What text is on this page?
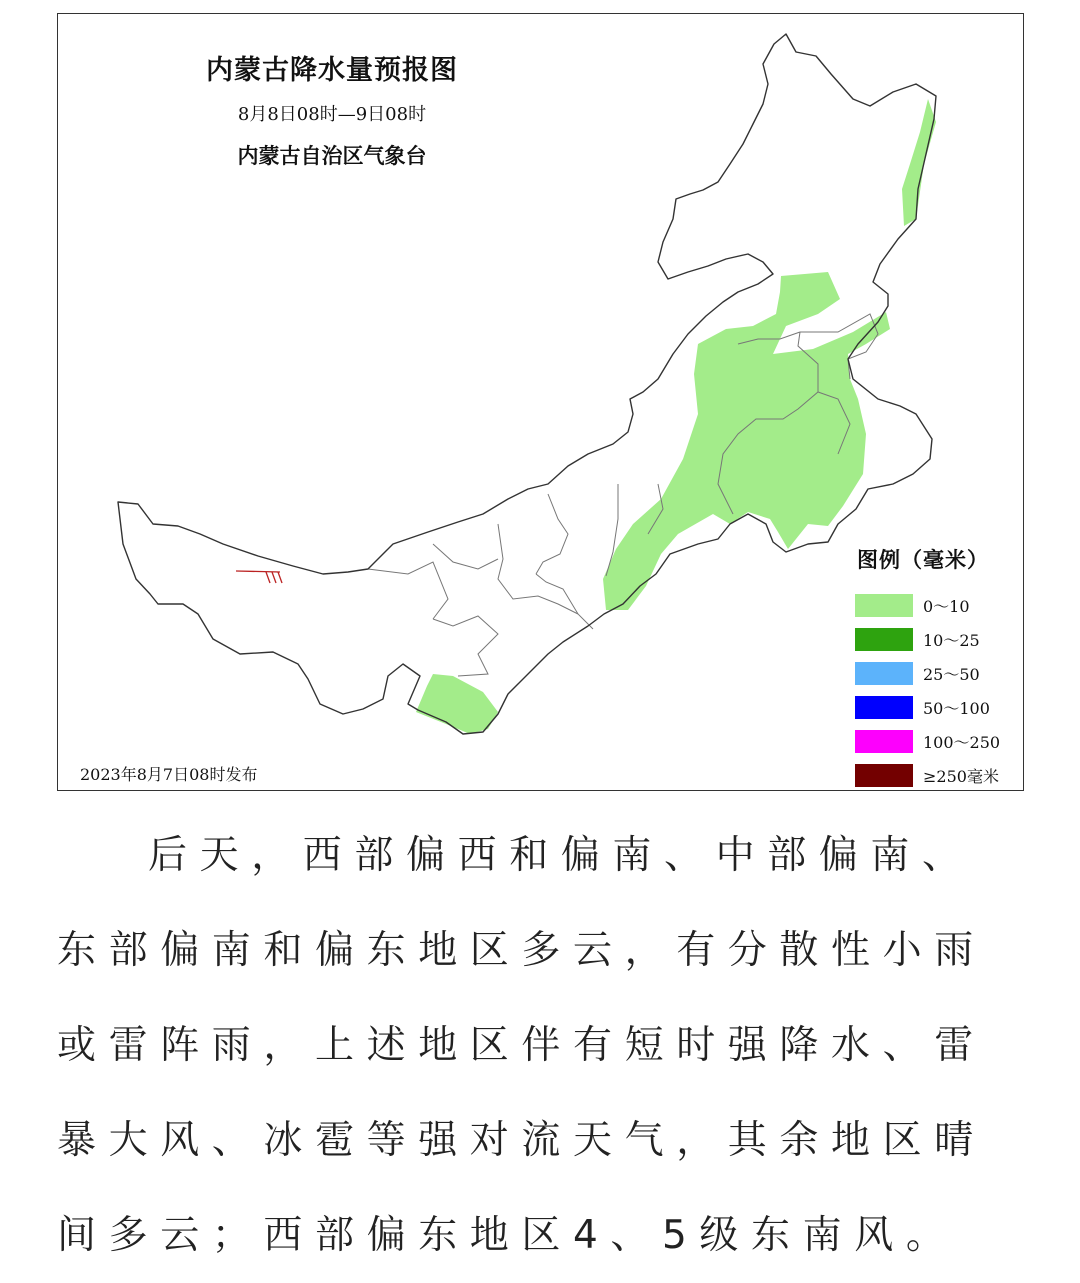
内蒙古降水量预报图
8月8日08时—9日08时
内蒙古自治区气象台
图例（毫米）
0～10
10～25
25～50
50～100
100～250
≥250毫米
2023年8月7日08时发布

后天，西部偏西和偏南、中部偏南、东部偏南和偏东地区多云，有分散性小雨或雷阵雨，上述地区伴有短时强降水、雷暴大风、冰雹等强对流天气，其余地区晴间多云；西部偏东地区4、5级东南风。
